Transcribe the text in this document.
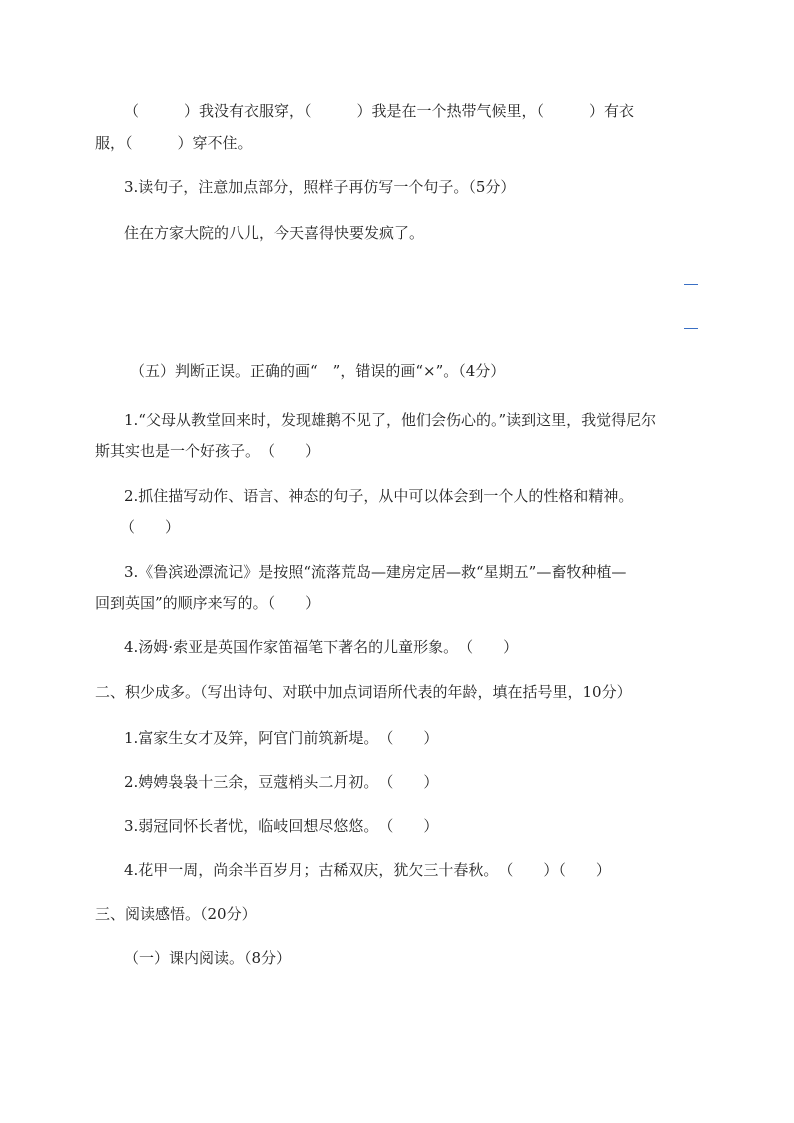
（　　　）我没有衣服穿，（　　　）我是在一个热带气候里，（　　　）有衣
服，（　　　）穿不住。
3.读句子，注意加点部分，照样子再仿写一个句子。（5分）
住在方家大院的八儿，今天喜得快要发疯了。
（五）判断正误。正确的画“　”，错误的画“×”。（4分）
1.“父母从教堂回来时，发现雄鹅不见了，他们会伤心的。”读到这里，我觉得尼尔
斯其实也是一个好孩子。　（　　）
2.抓住描写动作、语言、神态的句子，从中可以体会到一个人的性格和精神。
（　　）
3.《鲁滨逊漂流记》是按照“流落荒岛—建房定居—救“星期五”—畜牧种植—
回到英国”的顺序来写的。（　　）
4.汤姆·索亚是英国作家笛福笔下著名的儿童形象。　（　　）
二、积少成多。（写出诗句、对联中加点词语所代表的年龄，填在括号里，10分）
1.富家生女才及笄，阿官门前筑新堤。　（　　）
2.娉娉袅袅十三余，豆蔻梢头二月初。　（　　）
3.弱冠同怀长者忧，临岐回想尽悠悠。　（　　）
4.花甲一周，尚余半百岁月；古稀双庆，犹欠三十春秋。　（　　）（　　）
三、阅读感悟。（20分）
（一）课内阅读。（8分）
